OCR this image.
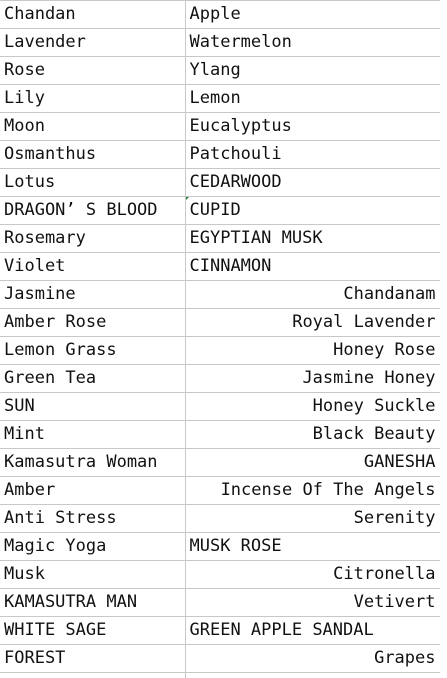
Chandan	Apple

Lavender	Watermelon

Rose	Ylang

Lily	Lemon

Moon	Eucalyptus

Osmanthus	Patchouli

Lotus	CEDARWOOD

DRAGON’ S BLOOD	CUPID

Rosemary	EGYPTIAN MUSK

Violet	CINNAMON

Jasmine	Chandanam

Amber Rose	Royal Lavender

Lemon Grass	Honey Rose

Green Tea	Jasmine Honey

SUN	Honey Suckle

Mint	Black Beauty

Kamasutra Woman	GANESHA

Amber	Incense Of The Angels

Anti Stress	Serenity

Magic Yoga	MUSK ROSE

Musk	Citronella

KAMASUTRA MAN	Vetivert

WHITE SAGE	GREEN APPLE SANDAL

FOREST	Grapes
